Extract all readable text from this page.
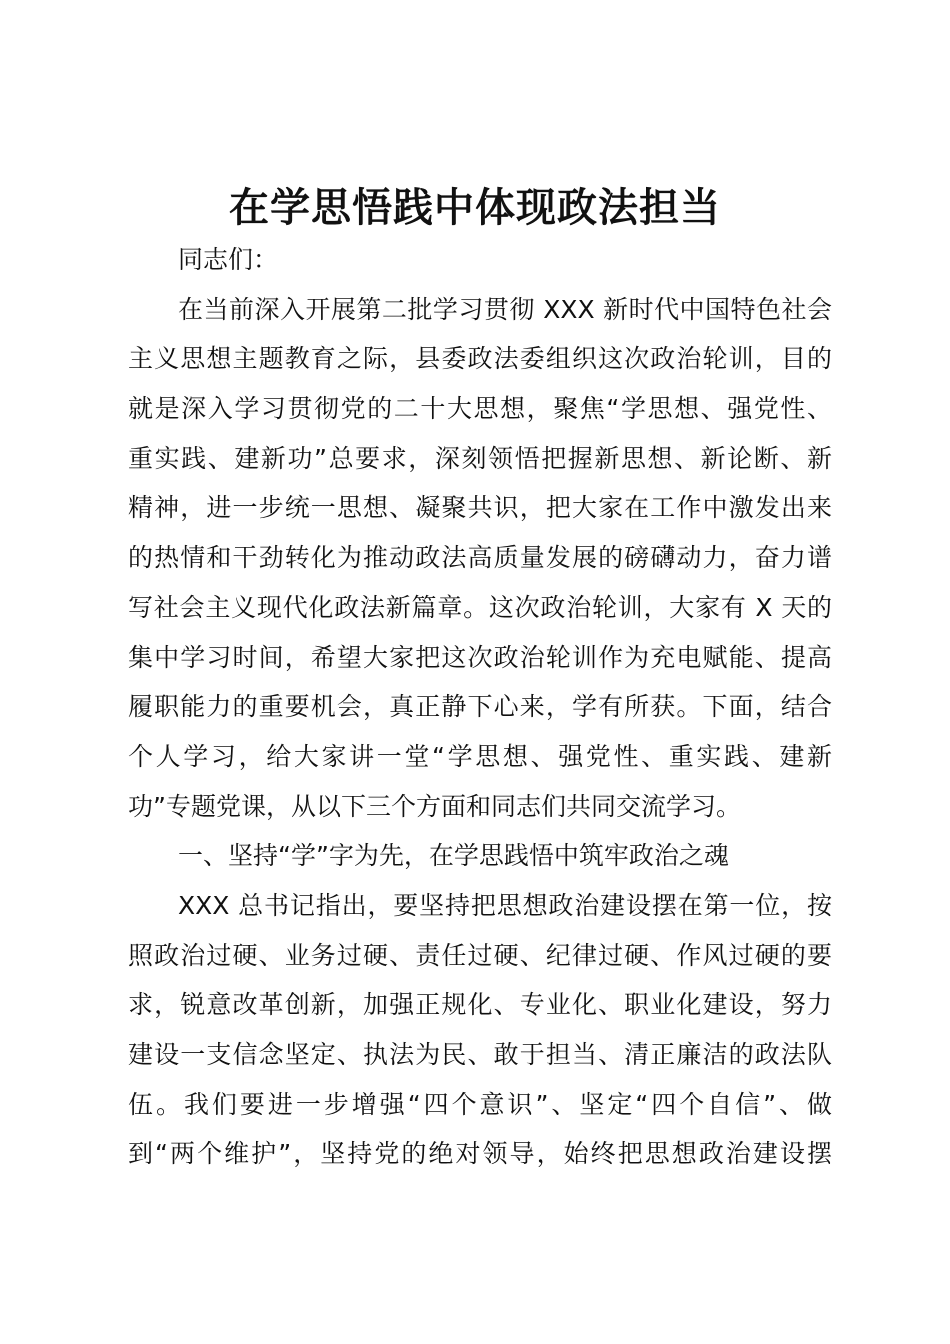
在学思悟践中体现政法担当
同志们：
在当前深入开展第二批学习贯彻 XXX 新时代中国特色社会
主义思想主题教育之际，县委政法委组织这次政治轮训，目的
就是深入学习贯彻党的二十大思想，聚焦“学思想、强党性、
重实践、建新功”总要求，深刻领悟把握新思想、新论断、新
精神，进一步统一思想、凝聚共识，把大家在工作中激发出来
的热情和干劲转化为推动政法高质量发展的磅礴动力，奋力谱
写社会主义现代化政法新篇章。这次政治轮训，大家有 X 天的
集中学习时间，希望大家把这次政治轮训作为充电赋能、提高
履职能力的重要机会，真正静下心来，学有所获。下面，结合
个人学习，给大家讲一堂“学思想、强党性、重实践、建新
功”专题党课，从以下三个方面和同志们共同交流学习。
一、坚持“学”字为先，在学思践悟中筑牢政治之魂
XXX 总书记指出，要坚持把思想政治建设摆在第一位，按
照政治过硬、业务过硬、责任过硬、纪律过硬、作风过硬的要
求，锐意改革创新，加强正规化、专业化、职业化建设，努力
建设一支信念坚定、执法为民、敢于担当、清正廉洁的政法队
伍。我们要进一步增强“四个意识”、坚定“四个自信”、做
到“两个维护”，坚持党的绝对领导，始终把思想政治建设摆
